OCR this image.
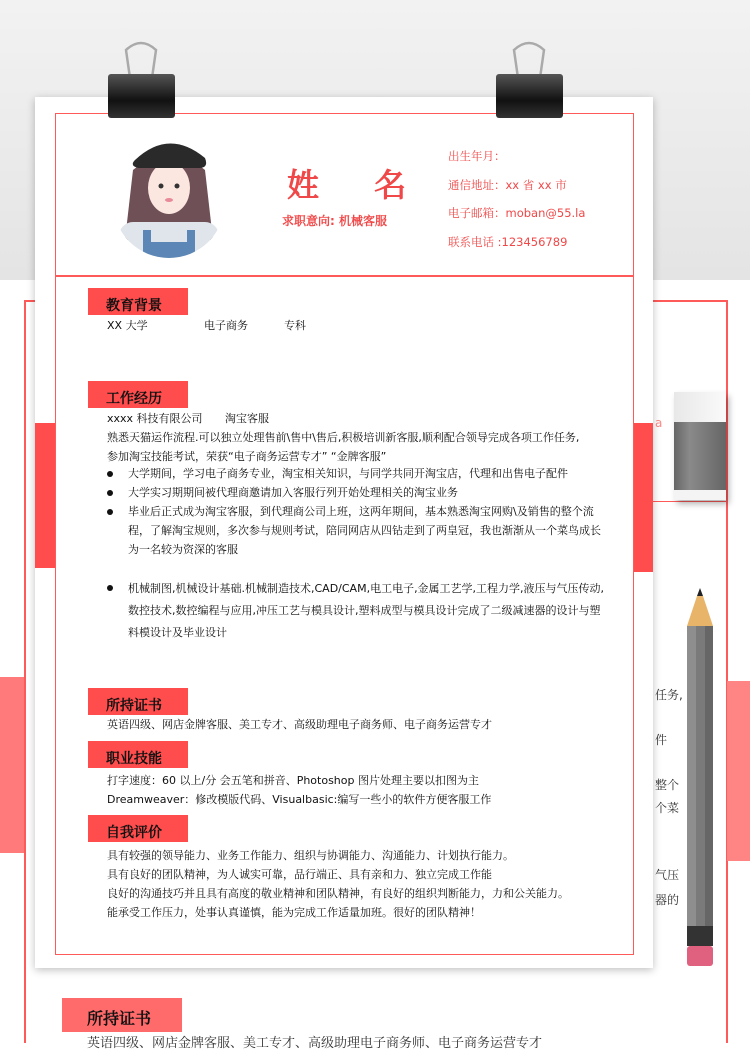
a
任务,
件
整个
个菜
气压
器的
所持证书
英语四级、网店金牌客服、美工专才、高级助理电子商务师、电子商务运营专才
姓 名
求职意向: 机械客服
出生年月：
通信地址：xx 省 xx 市
电子邮箱：moban@55.la
联系电话 :123456789
教育背景
XX 大学	电子商务	专科
工作经历
xxxx 科技有限公司 淘宝客服
熟悉天猫运作流程.可以独立处理售前\售中\售后,积极培训新客服,顺利配合领导完成各项工作任务,
参加淘宝技能考试，荣获“电子商务运营专才” “金牌客服”
大学期间，学习电子商务专业，淘宝相关知识，与同学共同开淘宝店，代理和出售电子配件
大学实习期期间被代理商邀请加入客服行列开始处理相关的淘宝业务
毕业后正式成为淘宝客服，到代理商公司上班，这两年期间，基本熟悉淘宝网购\及销售的整个流程，了解淘宝规则，多次参与规则考试，陪同网店从四钻走到了两皇冠，我也渐渐从一个菜鸟成长为一名较为资深的客服
机械制图,机械设计基础.机械制造技术,CAD/CAM,电工电子,金属工艺学,工程力学,液压与气压传动,数控技术,数控编程与应用,冲压工艺与模具设计,塑料成型与模具设计完成了二级减速器的设计与塑料模设计及毕业设计
所持证书
英语四级、网店金牌客服、美工专才、高级助理电子商务师、电子商务运营专才
职业技能
打字速度：60 以上/分 会五笔和拼音、Photoshop 图片处理主要以扣图为主
Dreamweaver：修改模版代码、Visualbasic:编写一些小的软件方便客服工作
自我评价
具有较强的领导能力、业务工作能力、组织与协调能力、沟通能力、计划执行能力。
具有良好的团队精神，为人诚实可靠，品行端正、具有亲和力、独立完成工作能
良好的沟通技巧并且具有高度的敬业精神和团队精神，有良好的组织判断能力，力和公关能力。
能承受工作压力，处事认真谨慎，能为完成工作适量加班。很好的团队精神！
